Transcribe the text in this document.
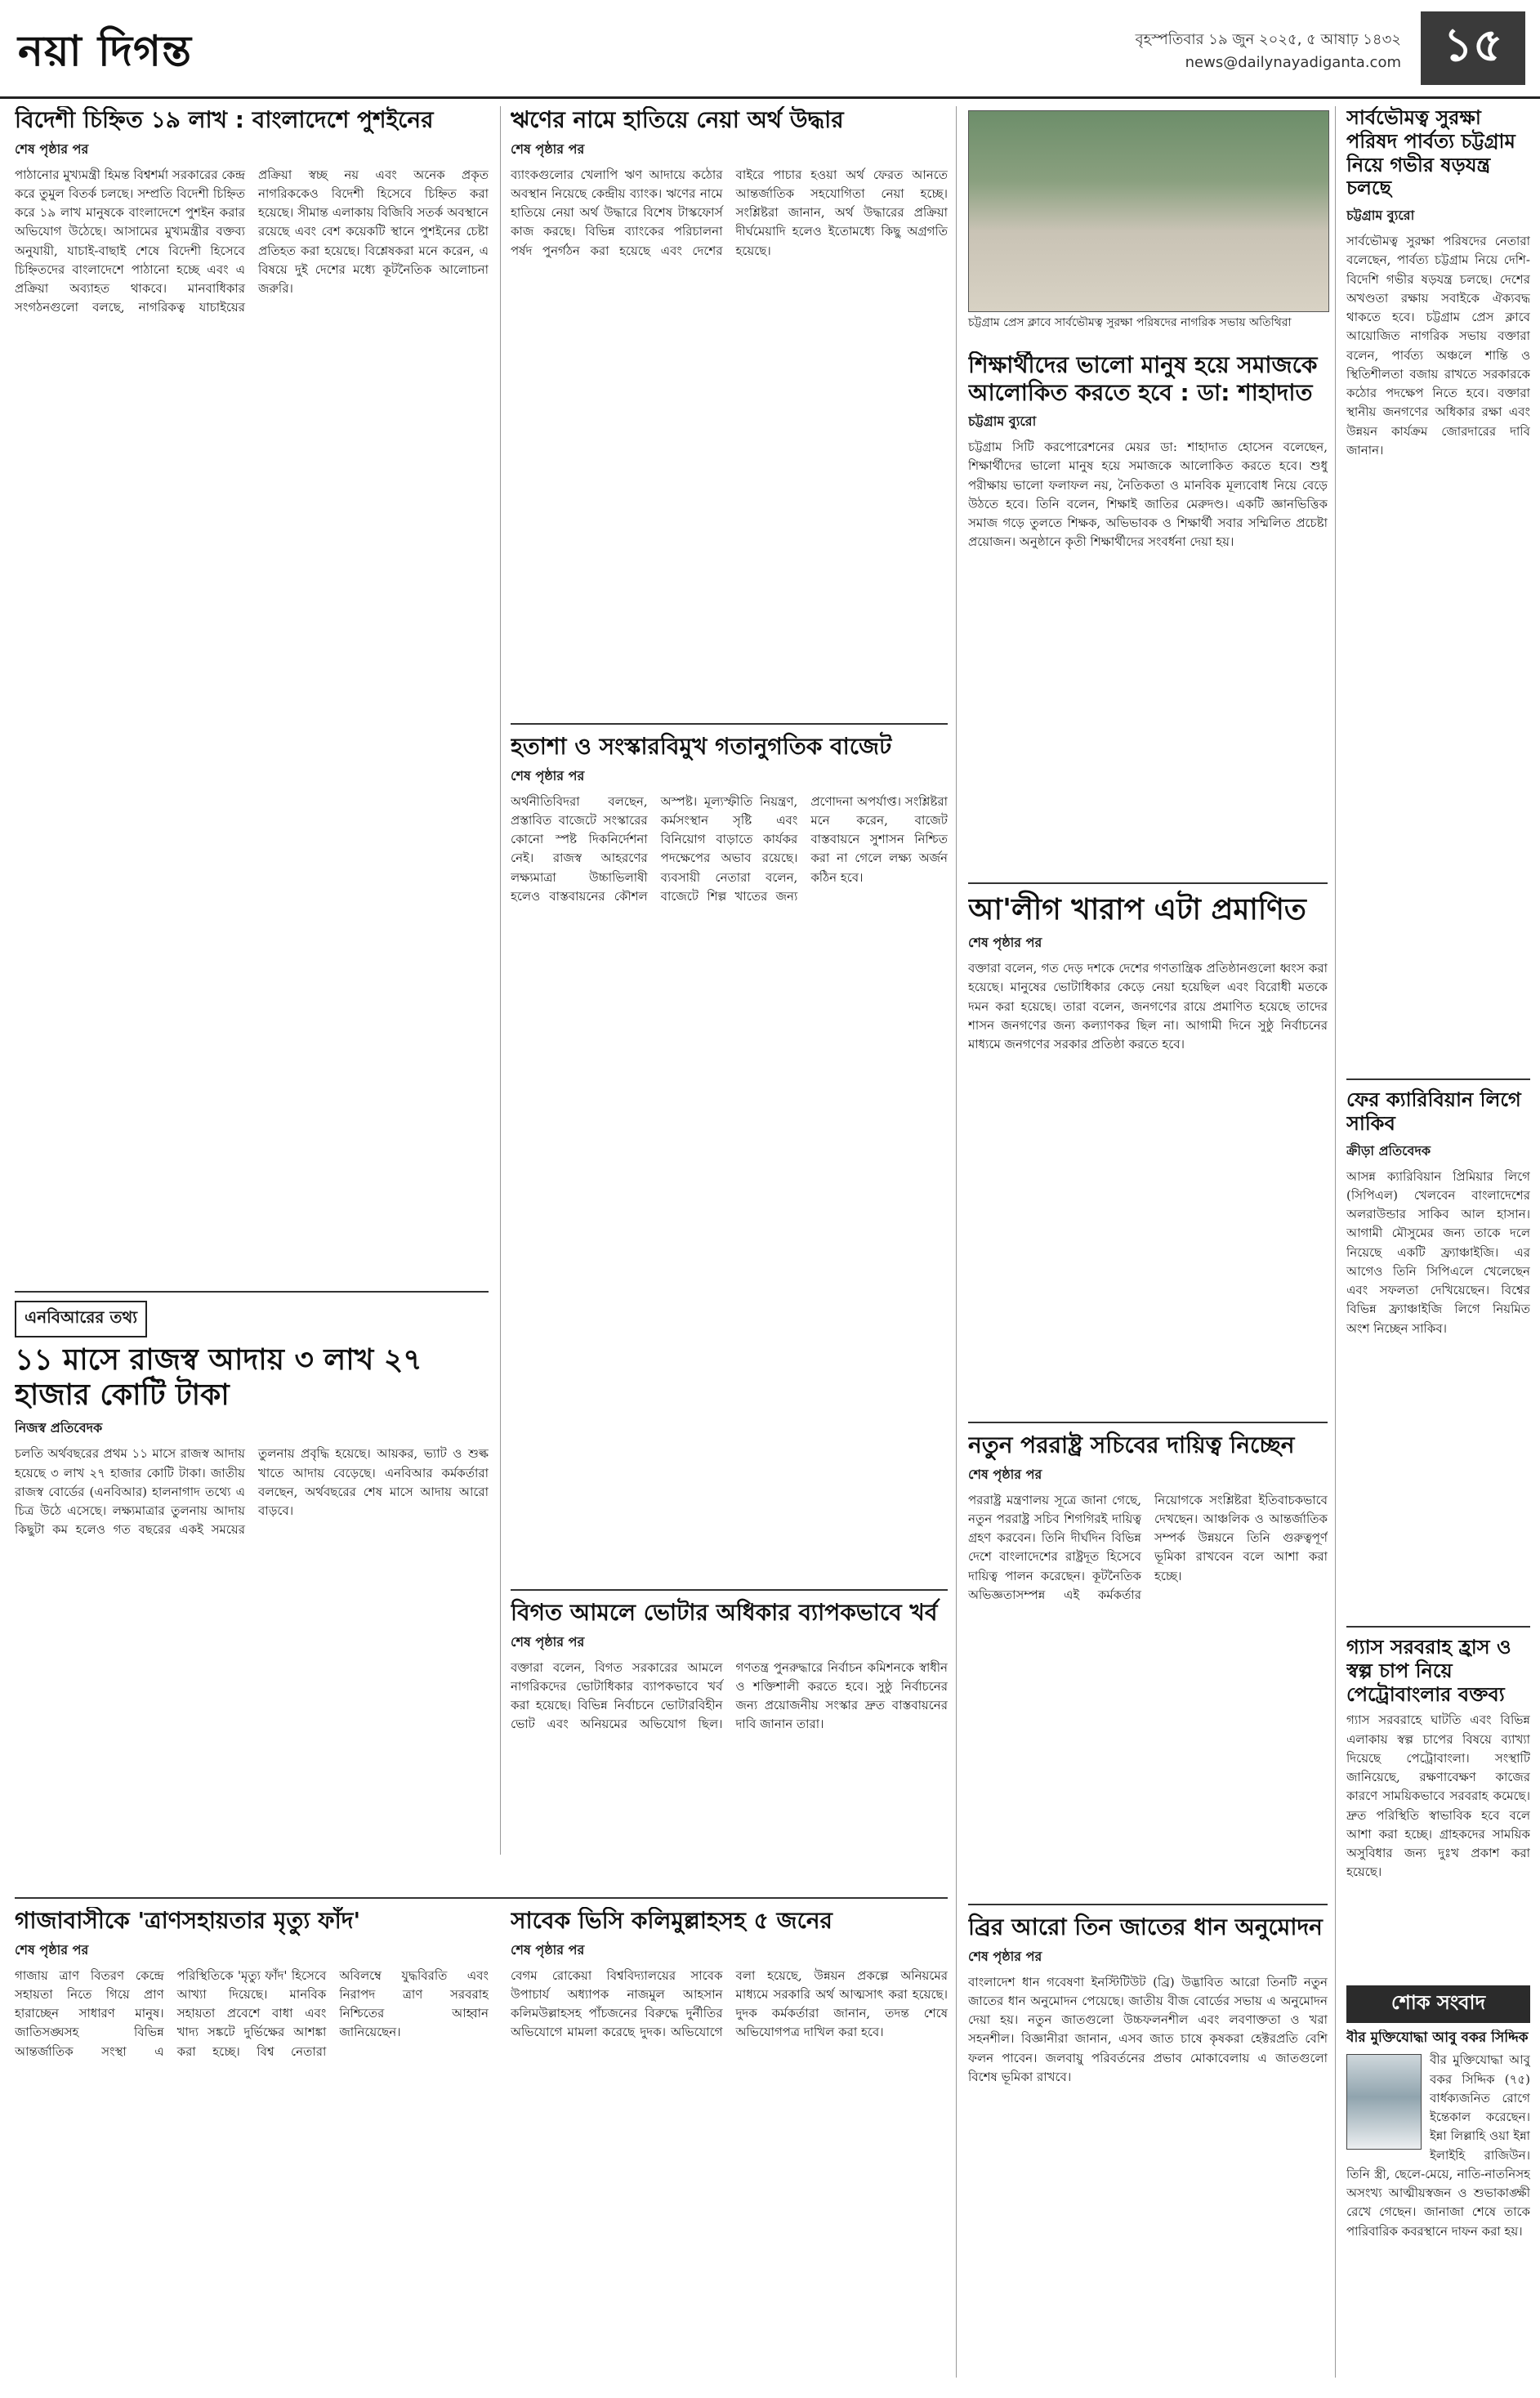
নয়া দিগন্ত	বৃহস্পতিবার ১৯ জুন ২০২৫, ৫ আষাঢ় ১৪৩২
news@dailynayadiganta.com ১৫
বিদেশী চিহ্নিত ১৯ লাখ : বাংলাদেশে পুশইনের
শেষ পৃষ্ঠার পর
পাঠানোর মুখ্যমন্ত্রী হিমন্ত বিশ্বশর্মা সরকারের কেন্দ্র করে তুমুল বিতর্ক চলছে। সম্প্রতি বিদেশী চিহ্নিত করে ১৯ লাখ মানুষকে বাংলাদেশে পুশইন করার অভিযোগ উঠেছে। আসামের মুখ্যমন্ত্রীর বক্তব্য অনুযায়ী, যাচাই-বাছাই শেষে বিদেশী হিসেবে চিহ্নিতদের বাংলাদেশে পাঠানো হচ্ছে এবং এ প্রক্রিয়া অব্যাহত থাকবে। মানবাধিকার সংগঠনগুলো বলছে, নাগরিকত্ব যাচাইয়ের প্রক্রিয়া স্বচ্ছ নয় এবং অনেক প্রকৃত নাগরিককেও বিদেশী হিসেবে চিহ্নিত করা হয়েছে। সীমান্ত এলাকায় বিজিবি সতর্ক অবস্থানে রয়েছে এবং বেশ কয়েকটি স্থানে পুশইনের চেষ্টা প্রতিহত করা হয়েছে। বিশ্লেষকরা মনে করেন, এ বিষয়ে দুই দেশের মধ্যে কূটনৈতিক আলোচনা জরুরি।
ঋণের নামে হাতিয়ে নেয়া অর্থ উদ্ধার
শেষ পৃষ্ঠার পর
ব্যাংকগুলোর খেলাপি ঋণ আদায়ে কঠোর অবস্থান নিয়েছে কেন্দ্রীয় ব্যাংক। ঋণের নামে হাতিয়ে নেয়া অর্থ উদ্ধারে বিশেষ টাস্কফোর্স কাজ করছে। বিভিন্ন ব্যাংকের পরিচালনা পর্ষদ পুনর্গঠন করা হয়েছে এবং দেশের বাইরে পাচার হওয়া অর্থ ফেরত আনতে আন্তর্জাতিক সহযোগিতা নেয়া হচ্ছে। সংশ্লিষ্টরা জানান, অর্থ উদ্ধারের প্রক্রিয়া দীর্ঘমেয়াদি হলেও ইতোমধ্যে কিছু অগ্রগতি হয়েছে।
হতাশা ও সংস্কারবিমুখ গতানুগতিক বাজেট
শেষ পৃষ্ঠার পর
অর্থনীতিবিদরা বলছেন, প্রস্তাবিত বাজেটে সংস্কারের কোনো স্পষ্ট দিকনির্দেশনা নেই। রাজস্ব আহরণের লক্ষ্যমাত্রা উচ্চাভিলাষী হলেও বাস্তবায়নের কৌশল অস্পষ্ট। মূল্যস্ফীতি নিয়ন্ত্রণ, কর্মসংস্থান সৃষ্টি এবং বিনিয়োগ বাড়াতে কার্যকর পদক্ষেপের অভাব রয়েছে। ব্যবসায়ী নেতারা বলেন, বাজেটে শিল্প খাতের জন্য প্রণোদনা অপর্যাপ্ত। সংশ্লিষ্টরা মনে করেন, বাজেট বাস্তবায়নে সুশাসন নিশ্চিত করা না গেলে লক্ষ্য অর্জন কঠিন হবে।
চট্টগ্রাম প্রেস ক্লাবে সার্বভৌমত্ব সুরক্ষা পরিষদের নাগরিক সভায় অতিথিরা
শিক্ষার্থীদের ভালো মানুষ হয়ে সমাজকে আলোকিত করতে হবে : ডা: শাহাদাত
চট্টগ্রাম ব্যুরো
চট্টগ্রাম সিটি করপোরেশনের মেয়র ডা: শাহাদাত হোসেন বলেছেন, শিক্ষার্থীদের ভালো মানুষ হয়ে সমাজকে আলোকিত করতে হবে। শুধু পরীক্ষায় ভালো ফলাফল নয়, নৈতিকতা ও মানবিক মূল্যবোধ নিয়ে বেড়ে উঠতে হবে। তিনি বলেন, শিক্ষাই জাতির মেরুদণ্ড। একটি জ্ঞানভিত্তিক সমাজ গড়ে তুলতে শিক্ষক, অভিভাবক ও শিক্ষার্থী সবার সম্মিলিত প্রচেষ্টা প্রয়োজন। অনুষ্ঠানে কৃতী শিক্ষার্থীদের সংবর্ধনা দেয়া হয়।
আ'লীগ খারাপ এটা প্রমাণিত
শেষ পৃষ্ঠার পর
বক্তারা বলেন, গত দেড় দশকে দেশের গণতান্ত্রিক প্রতিষ্ঠানগুলো ধ্বংস করা হয়েছে। মানুষের ভোটাধিকার কেড়ে নেয়া হয়েছিল এবং বিরোধী মতকে দমন করা হয়েছে। তারা বলেন, জনগণের রায়ে প্রমাণিত হয়েছে তাদের শাসন জনগণের জন্য কল্যাণকর ছিল না। আগামী দিনে সুষ্ঠু নির্বাচনের মাধ্যমে জনগণের সরকার প্রতিষ্ঠা করতে হবে।
নতুন পররাষ্ট্র সচিবের দায়িত্ব নিচ্ছেন
শেষ পৃষ্ঠার পর
পররাষ্ট্র মন্ত্রণালয় সূত্রে জানা গেছে, নতুন পররাষ্ট্র সচিব শিগগিরই দায়িত্ব গ্রহণ করবেন। তিনি দীর্ঘদিন বিভিন্ন দেশে বাংলাদেশের রাষ্ট্রদূত হিসেবে দায়িত্ব পালন করেছেন। কূটনৈতিক অভিজ্ঞতাসম্পন্ন এই কর্মকর্তার নিয়োগকে সংশ্লিষ্টরা ইতিবাচকভাবে দেখছেন। আঞ্চলিক ও আন্তর্জাতিক সম্পর্ক উন্নয়নে তিনি গুরুত্বপূর্ণ ভূমিকা রাখবেন বলে আশা করা হচ্ছে।
ব্রির আরো তিন জাতের ধান অনুমোদন
শেষ পৃষ্ঠার পর
বাংলাদেশ ধান গবেষণা ইনস্টিটিউট (ব্রি) উদ্ভাবিত আরো তিনটি নতুন জাতের ধান অনুমোদন পেয়েছে। জাতীয় বীজ বোর্ডের সভায় এ অনুমোদন দেয়া হয়। নতুন জাতগুলো উচ্চফলনশীল এবং লবণাক্ততা ও খরা সহনশীল। বিজ্ঞানীরা জানান, এসব জাত চাষে কৃষকরা হেক্টরপ্রতি বেশি ফলন পাবেন। জলবায়ু পরিবর্তনের প্রভাব মোকাবেলায় এ জাতগুলো বিশেষ ভূমিকা রাখবে।
সার্বভৌমত্ব সুরক্ষা পরিষদ পার্বত্য চট্টগ্রাম নিয়ে গভীর ষড়যন্ত্র চলছে
চট্টগ্রাম ব্যুরো
সার্বভৌমত্ব সুরক্ষা পরিষদের নেতারা বলেছেন, পার্বত্য চট্টগ্রাম নিয়ে দেশি-বিদেশি গভীর ষড়যন্ত্র চলছে। দেশের অখণ্ডতা রক্ষায় সবাইকে ঐক্যবদ্ধ থাকতে হবে। চট্টগ্রাম প্রেস ক্লাবে আয়োজিত নাগরিক সভায় বক্তারা বলেন, পার্বত্য অঞ্চলে শান্তি ও স্থিতিশীলতা বজায় রাখতে সরকারকে কঠোর পদক্ষেপ নিতে হবে। বক্তারা স্থানীয় জনগণের অধিকার রক্ষা এবং উন্নয়ন কার্যক্রম জোরদারের দাবি জানান।
ফের ক্যারিবিয়ান লিগে সাকিব
ক্রীড়া প্রতিবেদক
আসন্ন ক্যারিবিয়ান প্রিমিয়ার লিগে (সিপিএল) খেলবেন বাংলাদেশের অলরাউন্ডার সাকিব আল হাসান। আগামী মৌসুমের জন্য তাকে দলে নিয়েছে একটি ফ্র্যাঞ্চাইজি। এর আগেও তিনি সিপিএলে খেলেছেন এবং সফলতা দেখিয়েছেন। বিশ্বের বিভিন্ন ফ্র্যাঞ্চাইজি লিগে নিয়মিত অংশ নিচ্ছেন সাকিব।
গ্যাস সরবরাহ হ্রাস ও স্বল্প চাপ নিয়ে পেট্রোবাংলার বক্তব্য
গ্যাস সরবরাহে ঘাটতি এবং বিভিন্ন এলাকায় স্বল্প চাপের বিষয়ে ব্যাখ্যা দিয়েছে পেট্রোবাংলা। সংস্থাটি জানিয়েছে, রক্ষণাবেক্ষণ কাজের কারণে সাময়িকভাবে সরবরাহ কমেছে। দ্রুত পরিস্থিতি স্বাভাবিক হবে বলে আশা করা হচ্ছে। গ্রাহকদের সাময়িক অসুবিধার জন্য দুঃখ প্রকাশ করা হয়েছে।
শোক সংবাদ
বীর মুক্তিযোদ্ধা আবু বকর সিদ্দিক
বীর মুক্তিযোদ্ধা আবু বকর সিদ্দিক (৭৫) বার্ধক্যজনিত রোগে ইন্তেকাল করেছেন। ইন্না লিল্লাহি ওয়া ইন্না ইলাইহি রাজিউন। তিনি স্ত্রী, ছেলে-মেয়ে, নাতি-নাতনিসহ অসংখ্য আত্মীয়স্বজন ও শুভাকাঙ্ক্ষী রেখে গেছেন। জানাজা শেষে তাকে পারিবারিক কবরস্থানে দাফন করা হয়।
এনবিআরের তথ্য
১১ মাসে রাজস্ব আদায় ৩ লাখ ২৭ হাজার কোটি টাকা
নিজস্ব প্রতিবেদক
চলতি অর্থবছরের প্রথম ১১ মাসে রাজস্ব আদায় হয়েছে ৩ লাখ ২৭ হাজার কোটি টাকা। জাতীয় রাজস্ব বোর্ডের (এনবিআর) হালনাগাদ তথ্যে এ চিত্র উঠে এসেছে। লক্ষ্যমাত্রার তুলনায় আদায় কিছুটা কম হলেও গত বছরের একই সময়ের তুলনায় প্রবৃদ্ধি হয়েছে। আয়কর, ভ্যাট ও শুল্ক খাতে আদায় বেড়েছে। এনবিআর কর্মকর্তারা বলছেন, অর্থবছরের শেষ মাসে আদায় আরো বাড়বে।
বিগত আমলে ভোটার অধিকার ব্যাপকভাবে খর্ব
শেষ পৃষ্ঠার পর
বক্তারা বলেন, বিগত সরকারের আমলে নাগরিকদের ভোটাধিকার ব্যাপকভাবে খর্ব করা হয়েছে। বিভিন্ন নির্বাচনে ভোটারবিহীন ভোট এবং অনিয়মের অভিযোগ ছিল। গণতন্ত্র পুনরুদ্ধারে নির্বাচন কমিশনকে স্বাধীন ও শক্তিশালী করতে হবে। সুষ্ঠু নির্বাচনের জন্য প্রয়োজনীয় সংস্কার দ্রুত বাস্তবায়নের দাবি জানান তারা।
গাজাবাসীকে 'ত্রাণসহায়তার মৃত্যু ফাঁদ'
শেষ পৃষ্ঠার পর
গাজায় ত্রাণ বিতরণ কেন্দ্রে সহায়তা নিতে গিয়ে প্রাণ হারাচ্ছেন সাধারণ মানুষ। জাতিসঙ্ঘসহ বিভিন্ন আন্তর্জাতিক সংস্থা এ পরিস্থিতিকে 'মৃত্যু ফাঁদ' হিসেবে আখ্যা দিয়েছে। মানবিক সহায়তা প্রবেশে বাধা এবং খাদ্য সঙ্কটে দুর্ভিক্ষের আশঙ্কা করা হচ্ছে। বিশ্ব নেতারা অবিলম্বে যুদ্ধবিরতি এবং নিরাপদ ত্রাণ সরবরাহ নিশ্চিতের আহ্বান জানিয়েছেন।
সাবেক ভিসি কলিমুল্লাহসহ ৫ জনের
শেষ পৃষ্ঠার পর
বেগম রোকেয়া বিশ্ববিদ্যালয়ের সাবেক উপাচার্য অধ্যাপক নাজমুল আহসান কলিমউল্লাহসহ পাঁচজনের বিরুদ্ধে দুর্নীতির অভিযোগে মামলা করেছে দুদক। অভিযোগে বলা হয়েছে, উন্নয়ন প্রকল্পে অনিয়মের মাধ্যমে সরকারি অর্থ আত্মসাৎ করা হয়েছে। দুদক কর্মকর্তারা জানান, তদন্ত শেষে অভিযোগপত্র দাখিল করা হবে।
